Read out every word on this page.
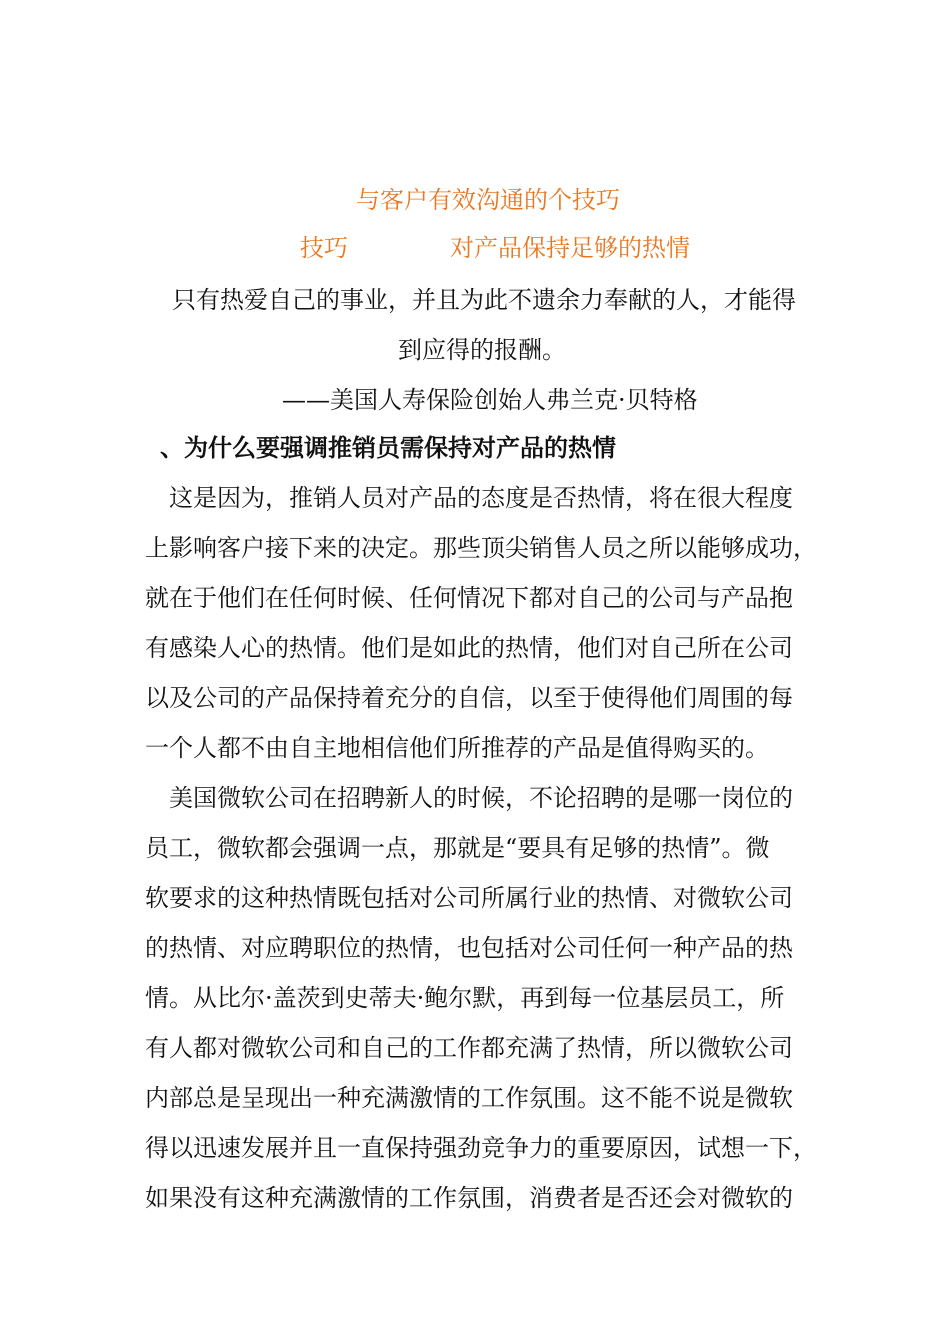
与客户有效沟通的个技巧
技巧	对产品保持足够的热情
只有热爱自己的事业，并且为此不遗余力奉献的人，才能得
到应得的报酬。
——美国人寿保险创始人弗兰克·贝特格
、为什么要强调推销员需保持对产品的热情
　这是因为，推销人员对产品的态度是否热情，将在很大程度
上影响客户接下来的决定。那些顶尖销售人员之所以能够成功，
就在于他们在任何时候、任何情况下都对自己的公司与产品抱
有感染人心的热情。他们是如此的热情，他们对自己所在公司
以及公司的产品保持着充分的自信，以至于使得他们周围的每
一个人都不由自主地相信他们所推荐的产品是值得购买的。
　美国微软公司在招聘新人的时候，不论招聘的是哪一岗位的
员工，微软都会强调一点，那就是“要具有足够的热情”。微
软要求的这种热情既包括对公司所属行业的热情、对微软公司
的热情、对应聘职位的热情，也包括对公司任何一种产品的热
情。从比尔·盖茨到史蒂夫·鲍尔默，再到每一位基层员工，所
有人都对微软公司和自己的工作都充满了热情，所以微软公司
内部总是呈现出一种充满激情的工作氛围。这不能不说是微软
得以迅速发展并且一直保持强劲竞争力的重要原因，试想一下，
如果没有这种充满激情的工作氛围，消费者是否还会对微软的
